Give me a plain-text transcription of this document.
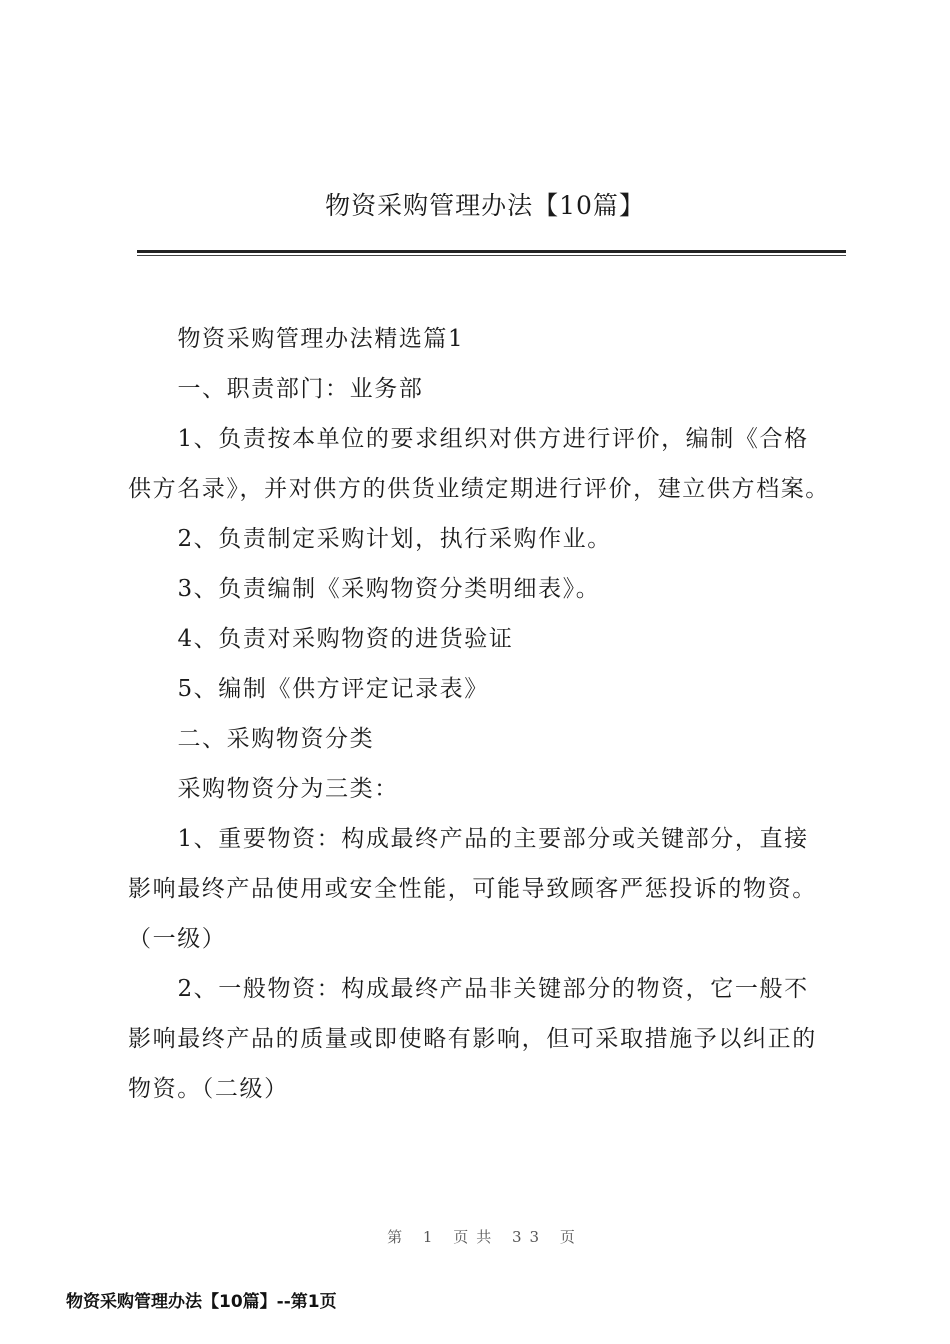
物资采购管理办法【10篇】

物资采购管理办法精选篇1

一、职责部门：业务部

1、负责按本单位的要求组织对供方进行评价，编制《合格供方名录》，并对供方的供货业绩定期进行评价，建立供方档案。

2、负责制定采购计划，执行采购作业。

3、负责编制《采购物资分类明细表》。

4、负责对采购物资的进货验证

5、编制《供方评定记录表》

二、采购物资分类

采购物资分为三类：

1、重要物资：构成最终产品的主要部分或关键部分，直接影响最终产品使用或安全性能，可能导致顾客严惩投诉的物资。（一级）

2、一般物资：构成最终产品非关键部分的物资，它一般不影响最终产品的质量或即使略有影响，但可采取措施予以纠正的物资。（二级）

第 1 页共 33 页
物资采购管理办法【10篇】--第1页
